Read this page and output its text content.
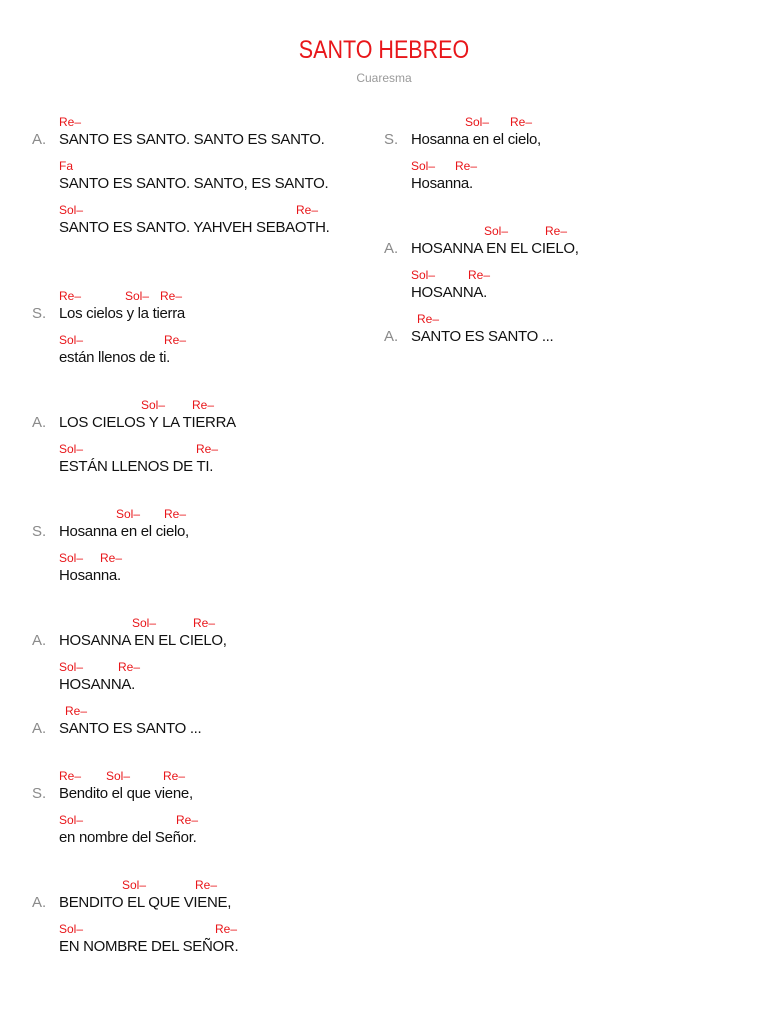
SANTO HEBREO
Cuaresma
Re–
A. SANTO ES SANTO. SANTO ES SANTO.
Fa
SANTO ES SANTO. SANTO, ES SANTO.
Sol–	Re–
SANTO ES SANTO. YAHVEH SEBAOTH.
Re–	Sol– Re–
S. Los cielos y la tierra
Sol–	Re–
están llenos de ti.
Sol– Re–
A. LOS CIELOS Y LA TIERRA
Sol–	Re–
ESTÁN LLENOS DE TI.
Sol– Re–
S. Hosanna en el cielo,
Sol– Re–
Hosanna.
Sol–	Re–
A. HOSANNA EN EL CIELO,
Sol–	Re–
HOSANNA.
Re–
A. SANTO ES SANTO ...
Re– Sol–	Re–
S. Bendito el que viene,
Sol–	Re–
en nombre del Señor.
Sol–	Re–
A. BENDITO EL QUE VIENE,
Sol–	Re–
EN NOMBRE DEL SEÑOR.
Sol– Re–
S. Hosanna en el cielo,
Sol– Re–
Hosanna.
Sol–	Re–
A. HOSANNA EN EL CIELO,
Sol–	Re–
HOSANNA.
Re–
A. SANTO ES SANTO ...
